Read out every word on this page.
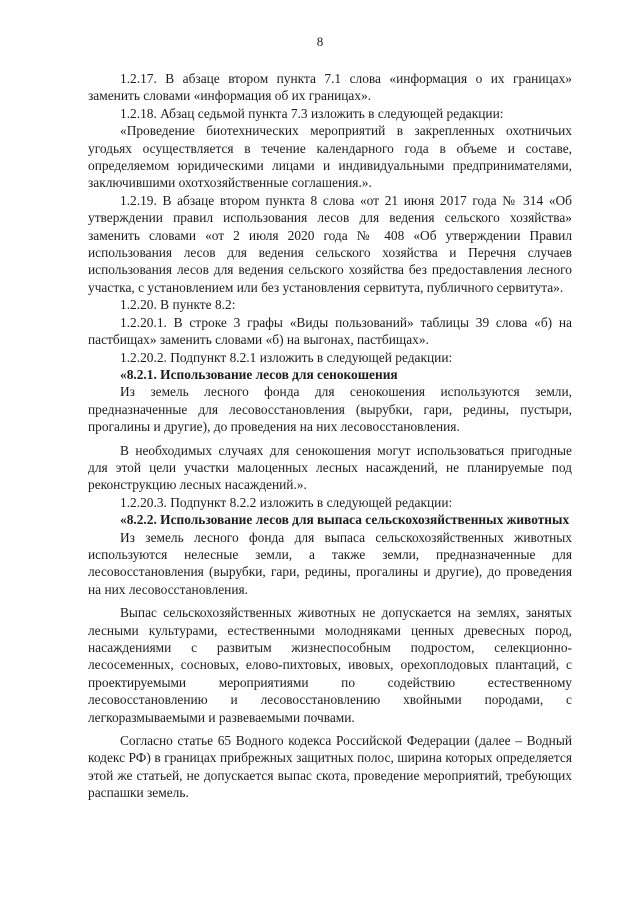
8

1.2.17. В абзаце втором пункта 7.1 слова «информация о их границах» заменить словами «информация об их границах».

1.2.18. Абзац седьмой пункта 7.3 изложить в следующей редакции:

«Проведение биотехнических мероприятий в закрепленных охотничьих угодьях осуществляется в течение календарного года в объеме и составе, определяемом юридическими лицами и индивидуальными предпринимателями, заключившими охотхозяйственные соглашения.».

1.2.19. В абзаце втором пункта 8 слова «от 21 июня 2017 года № 314 «Об утверждении правил использования лесов для ведения сельского хозяйства» заменить словами «от 2 июля 2020 года № 408 «Об утверждении Правил использования лесов для ведения сельского хозяйства и Перечня случаев использования лесов для ведения сельского хозяйства без предоставления лесного участка, с установлением или без установления сервитута, публичного сервитута».

1.2.20. В пункте 8.2:

1.2.20.1. В строке 3 графы «Виды пользований» таблицы 39 слова «б) на пастбищах» заменить словами «б) на выгонах, пастбищах».

1.2.20.2. Подпункт 8.2.1 изложить в следующей редакции:

«8.2.1. Использование лесов для сенокошения

Из земель лесного фонда для сенокошения используются земли, предназначенные для лесовосстановления (вырубки, гари, редины, пустыри, прогалины и другие), до проведения на них лесовосстановления.

В необходимых случаях для сенокошения могут использоваться пригодные для этой цели участки малоценных лесных насаждений, не планируемые под реконструкцию лесных насаждений.».

1.2.20.3. Подпункт 8.2.2 изложить в следующей редакции:

«8.2.2. Использование лесов для выпаса сельскохозяйственных животных

Из земель лесного фонда для выпаса сельскохозяйственных животных используются нелесные земли, а также земли, предназначенные для лесовосстановления (вырубки, гари, редины, прогалины и другие), до проведения на них лесовосстановления.

Выпас сельскохозяйственных животных не допускается на землях, занятых лесными культурами, естественными молодняками ценных древесных пород, насаждениями с развитым жизнеспособным подростом, селекционно-лесосеменных, сосновых, елово-пихтовых, ивовых, орехоплодовых плантаций, с проектируемыми мероприятиями по содействию естественному лесовосстановлению и лесовосстановлению хвойными породами, с легкоразмываемыми и развеваемыми почвами.

Согласно статье 65 Водного кодекса Российской Федерации (далее – Водный кодекс РФ) в границах прибрежных защитных полос, ширина которых определяется этой же статьей, не допускается выпас скота, проведение мероприятий, требующих распашки земель.
